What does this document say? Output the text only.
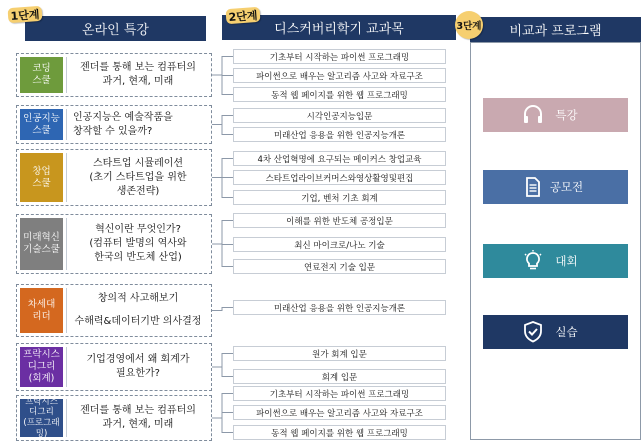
온라인 특강
1단계
디스커버리학기 교과목
2단계
비교과 프로그램
3단계
코딩
스쿨
젠더를 통해 보는 컴퓨터의
과거, 현재, 미래
인공지능
스쿨
인공지능은 예술작품을
창작할 수 있을까?
창업
스쿨
스타트업 시뮬레이션
(초기 스타트업을 위한
생존전략)
미래혁신
기술스쿨
혁신이란 무엇인가?
(컴퓨터 발명의 역사와
한국의 반도체 산업)
차세대
리더
창의적 사고해보기
수해력&데이터기반 의사결정
프락시스
디그리
(회계)
기업경영에서 왜 회계가
필요한가?
프락시스
디그리
(프로그래밍)
젠더를 통해 보는 컴퓨터의
과거, 현재, 미래
기초부터 시작하는 파이썬 프로그래밍
파이썬으로 배우는 알고리즘 사고와 자료구조
동적 웹 페이지를 위한 웹 프로그래밍
시각인공지능입문
미래산업 응용을 위한 인공지능개론
4차 산업혁명에 요구되는 메이커스 창업교육
스타트업라이브커머스와영상활영및편집
기업, 벤처 기초 회계
이해를 위한 반도체 공정입문
최신 마이크로/나노 기술
연료전지 기술 입문
미래산업 응용을 위한 인공지능개론
원가 회계 입문
회계 입문
기초부터 시작하는 파이썬 프로그래밍
파이썬으로 배우는 알고리즘 사고와 자료구조
동적 웹 페이지를 위한 웹 프로그래밍
특강
공모전
대회
실습
